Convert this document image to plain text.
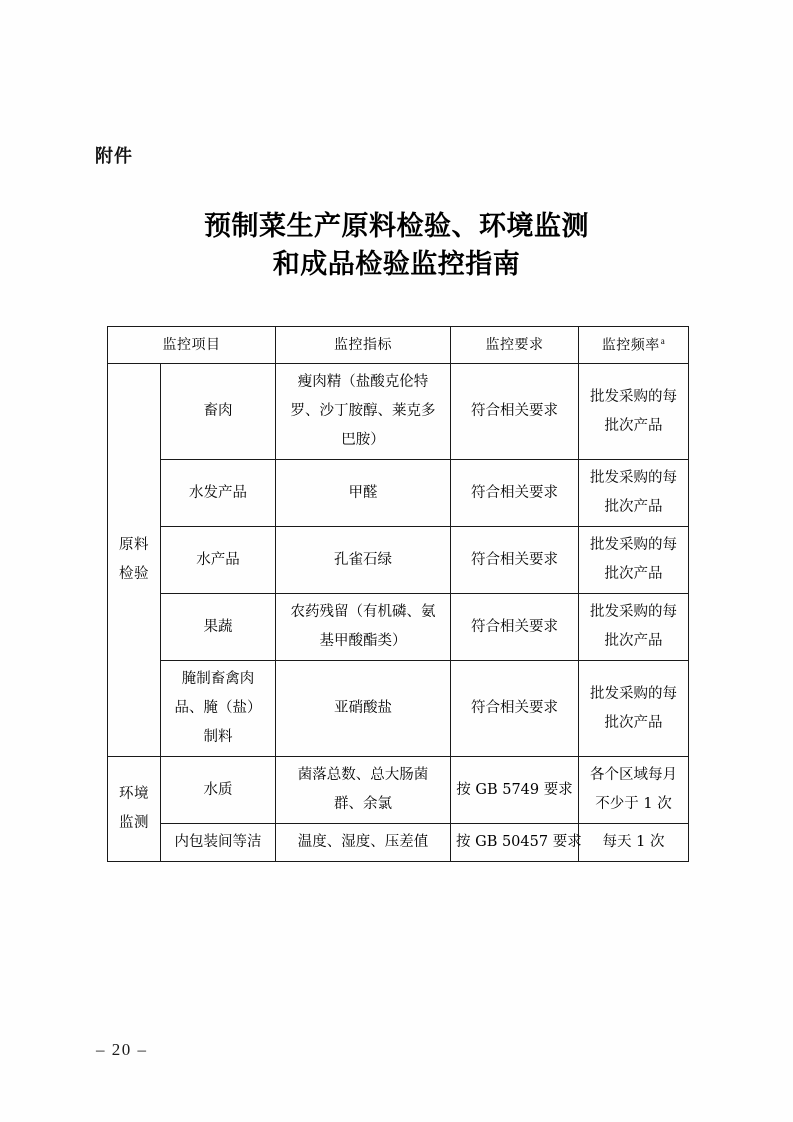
附件
预制菜生产原料检验、环境监测
和成品检验监控指南
监控项目		监控指标	监控要求	监控频率$^a$

原料
检验	畜肉	瘦肉精（盐酸克伦特
罗、沙丁胺醇、莱克多
巴胺）	符合相关要求	批发采购的每
批次产品

	水发产品	甲醛	符合相关要求	批发采购的每
批次产品

	水产品	孔雀石绿	符合相关要求	批发采购的每
批次产品

	果蔬	农药残留（有机磷、氨
基甲酸酯类）	符合相关要求	批发采购的每
批次产品

	腌制畜禽肉
品、腌（盐）
制料	亚硝酸盐	符合相关要求	批发采购的每
批次产品

环境
监测	水质	菌落总数、总大肠菌
群、余氯	按 GB 5749 要求	各个区域每月
不少于 1 次

	内包装间等洁	温度、湿度、压差值	按 GB 50457 要求	每天 1 次
– 20 –
